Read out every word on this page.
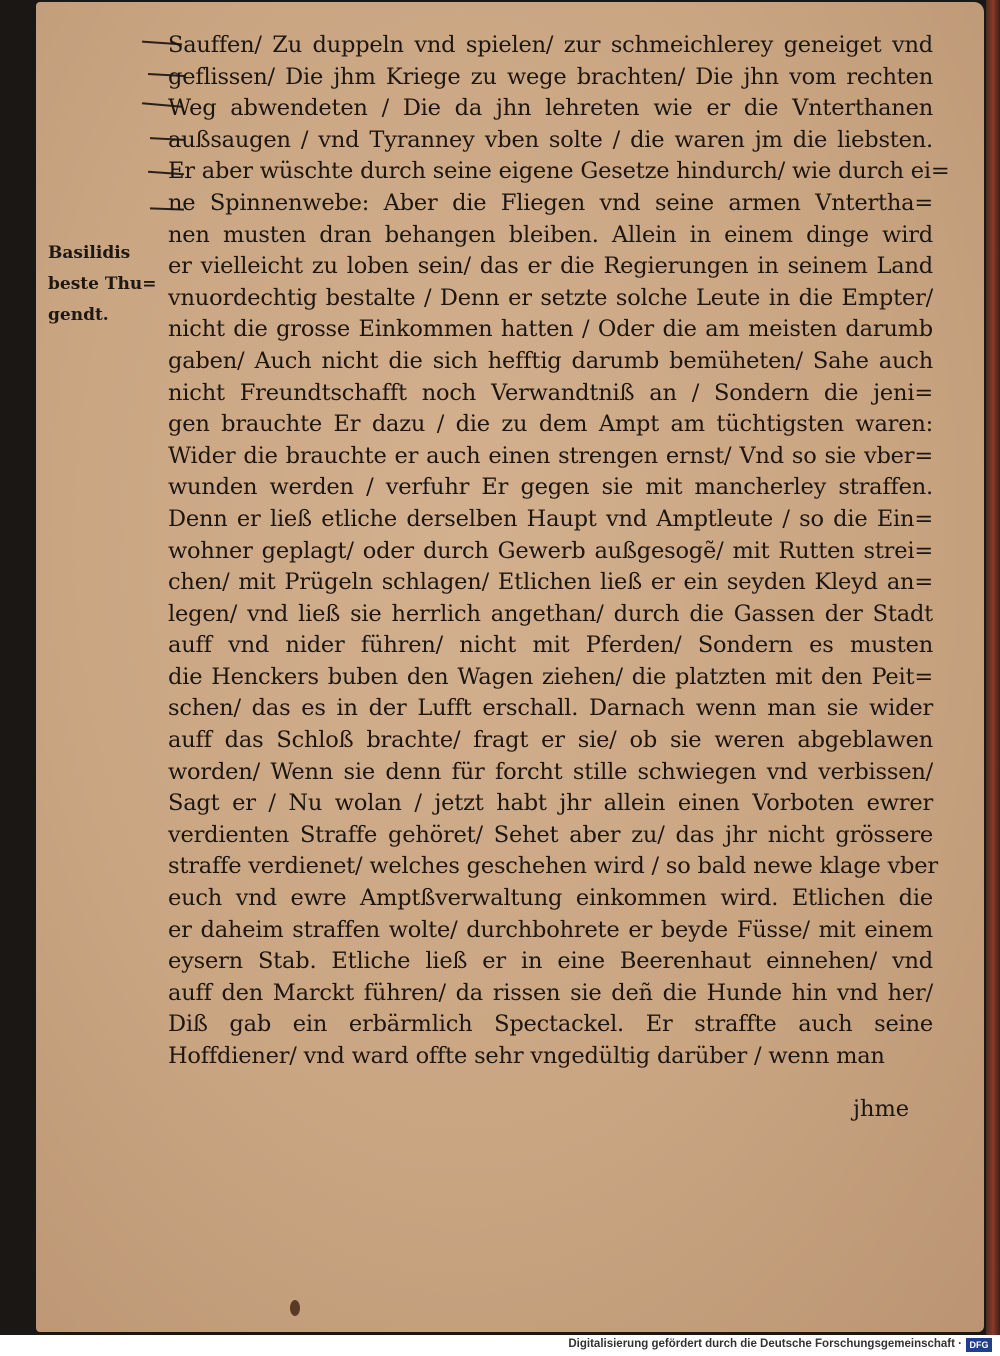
Basilidis
beste Thu=
gendt.
Sauffen/ Zu duppeln vnd spielen/ zur schmeichlerey geneiget vnd
geflissen/ Die jhm Kriege zu wege brachten/ Die jhn vom rechten
Weg abwendeten / Die da jhn lehreten wie er die Vnterthanen
außsaugen / vnd Tyranney vben solte / die waren jm die liebsten.
Er aber wüschte durch seine eigene Gesetze hindurch/ wie durch ei=
ne Spinnenwebe: Aber die Fliegen vnd seine armen Vntertha=
nen musten dran behangen bleiben. Allein in einem dinge wird
er vielleicht zu loben sein/ das er die Regierungen in seinem Land
vnuordechtig bestalte / Denn er setzte solche Leute in die Empter/
nicht die grosse Einkommen hatten / Oder die am meisten darumb
gaben/ Auch nicht die sich hefftig darumb bemüheten/ Sahe auch
nicht Freundtschafft noch Verwandtniß an / Sondern die jeni=
gen brauchte Er dazu / die zu dem Ampt am tüchtigsten waren:
Wider die brauchte er auch einen strengen ernst/ Vnd so sie vber=
wunden werden / verfuhr Er gegen sie mit mancherley straffen.
Denn er ließ etliche derselben Haupt vnd Amptleute / so die Ein=
wohner geplagt/ oder durch Gewerb außgesogẽ/ mit Rutten strei=
chen/ mit Prügeln schlagen/ Etlichen ließ er ein seyden Kleyd an=
legen/ vnd ließ sie herrlich angethan/ durch die Gassen der Stadt
auff vnd nider führen/ nicht mit Pferden/ Sondern es musten
die Henckers buben den Wagen ziehen/ die platzten mit den Peit=
schen/ das es in der Lufft erschall. Darnach wenn man sie wider
auff das Schloß brachte/ fragt er sie/ ob sie weren abgeblawen
worden/ Wenn sie denn für forcht stille schwiegen vnd verbissen/
Sagt er / Nu wolan / jetzt habt jhr allein einen Vorboten ewrer
verdienten Straffe gehöret/ Sehet aber zu/ das jhr nicht grössere
straffe verdienet/ welches geschehen wird / so bald newe klage vber
euch vnd ewre Amptßverwaltung einkommen wird. Etlichen die
er daheim straffen wolte/ durchbohrete er beyde Füsse/ mit einem
eysern Stab. Etliche ließ er in eine Beerenhaut einnehen/ vnd
auff den Marckt führen/ da rissen sie deñ die Hunde hin vnd her/
Diß gab ein erbärmlich Spectackel. Er straffte auch seine
Hoffdiener/ vnd ward offte sehr vngedültig darüber / wenn man
jhme
Digitalisierung gefördert durch die Deutsche Forschungsgemeinschaft · DFG
